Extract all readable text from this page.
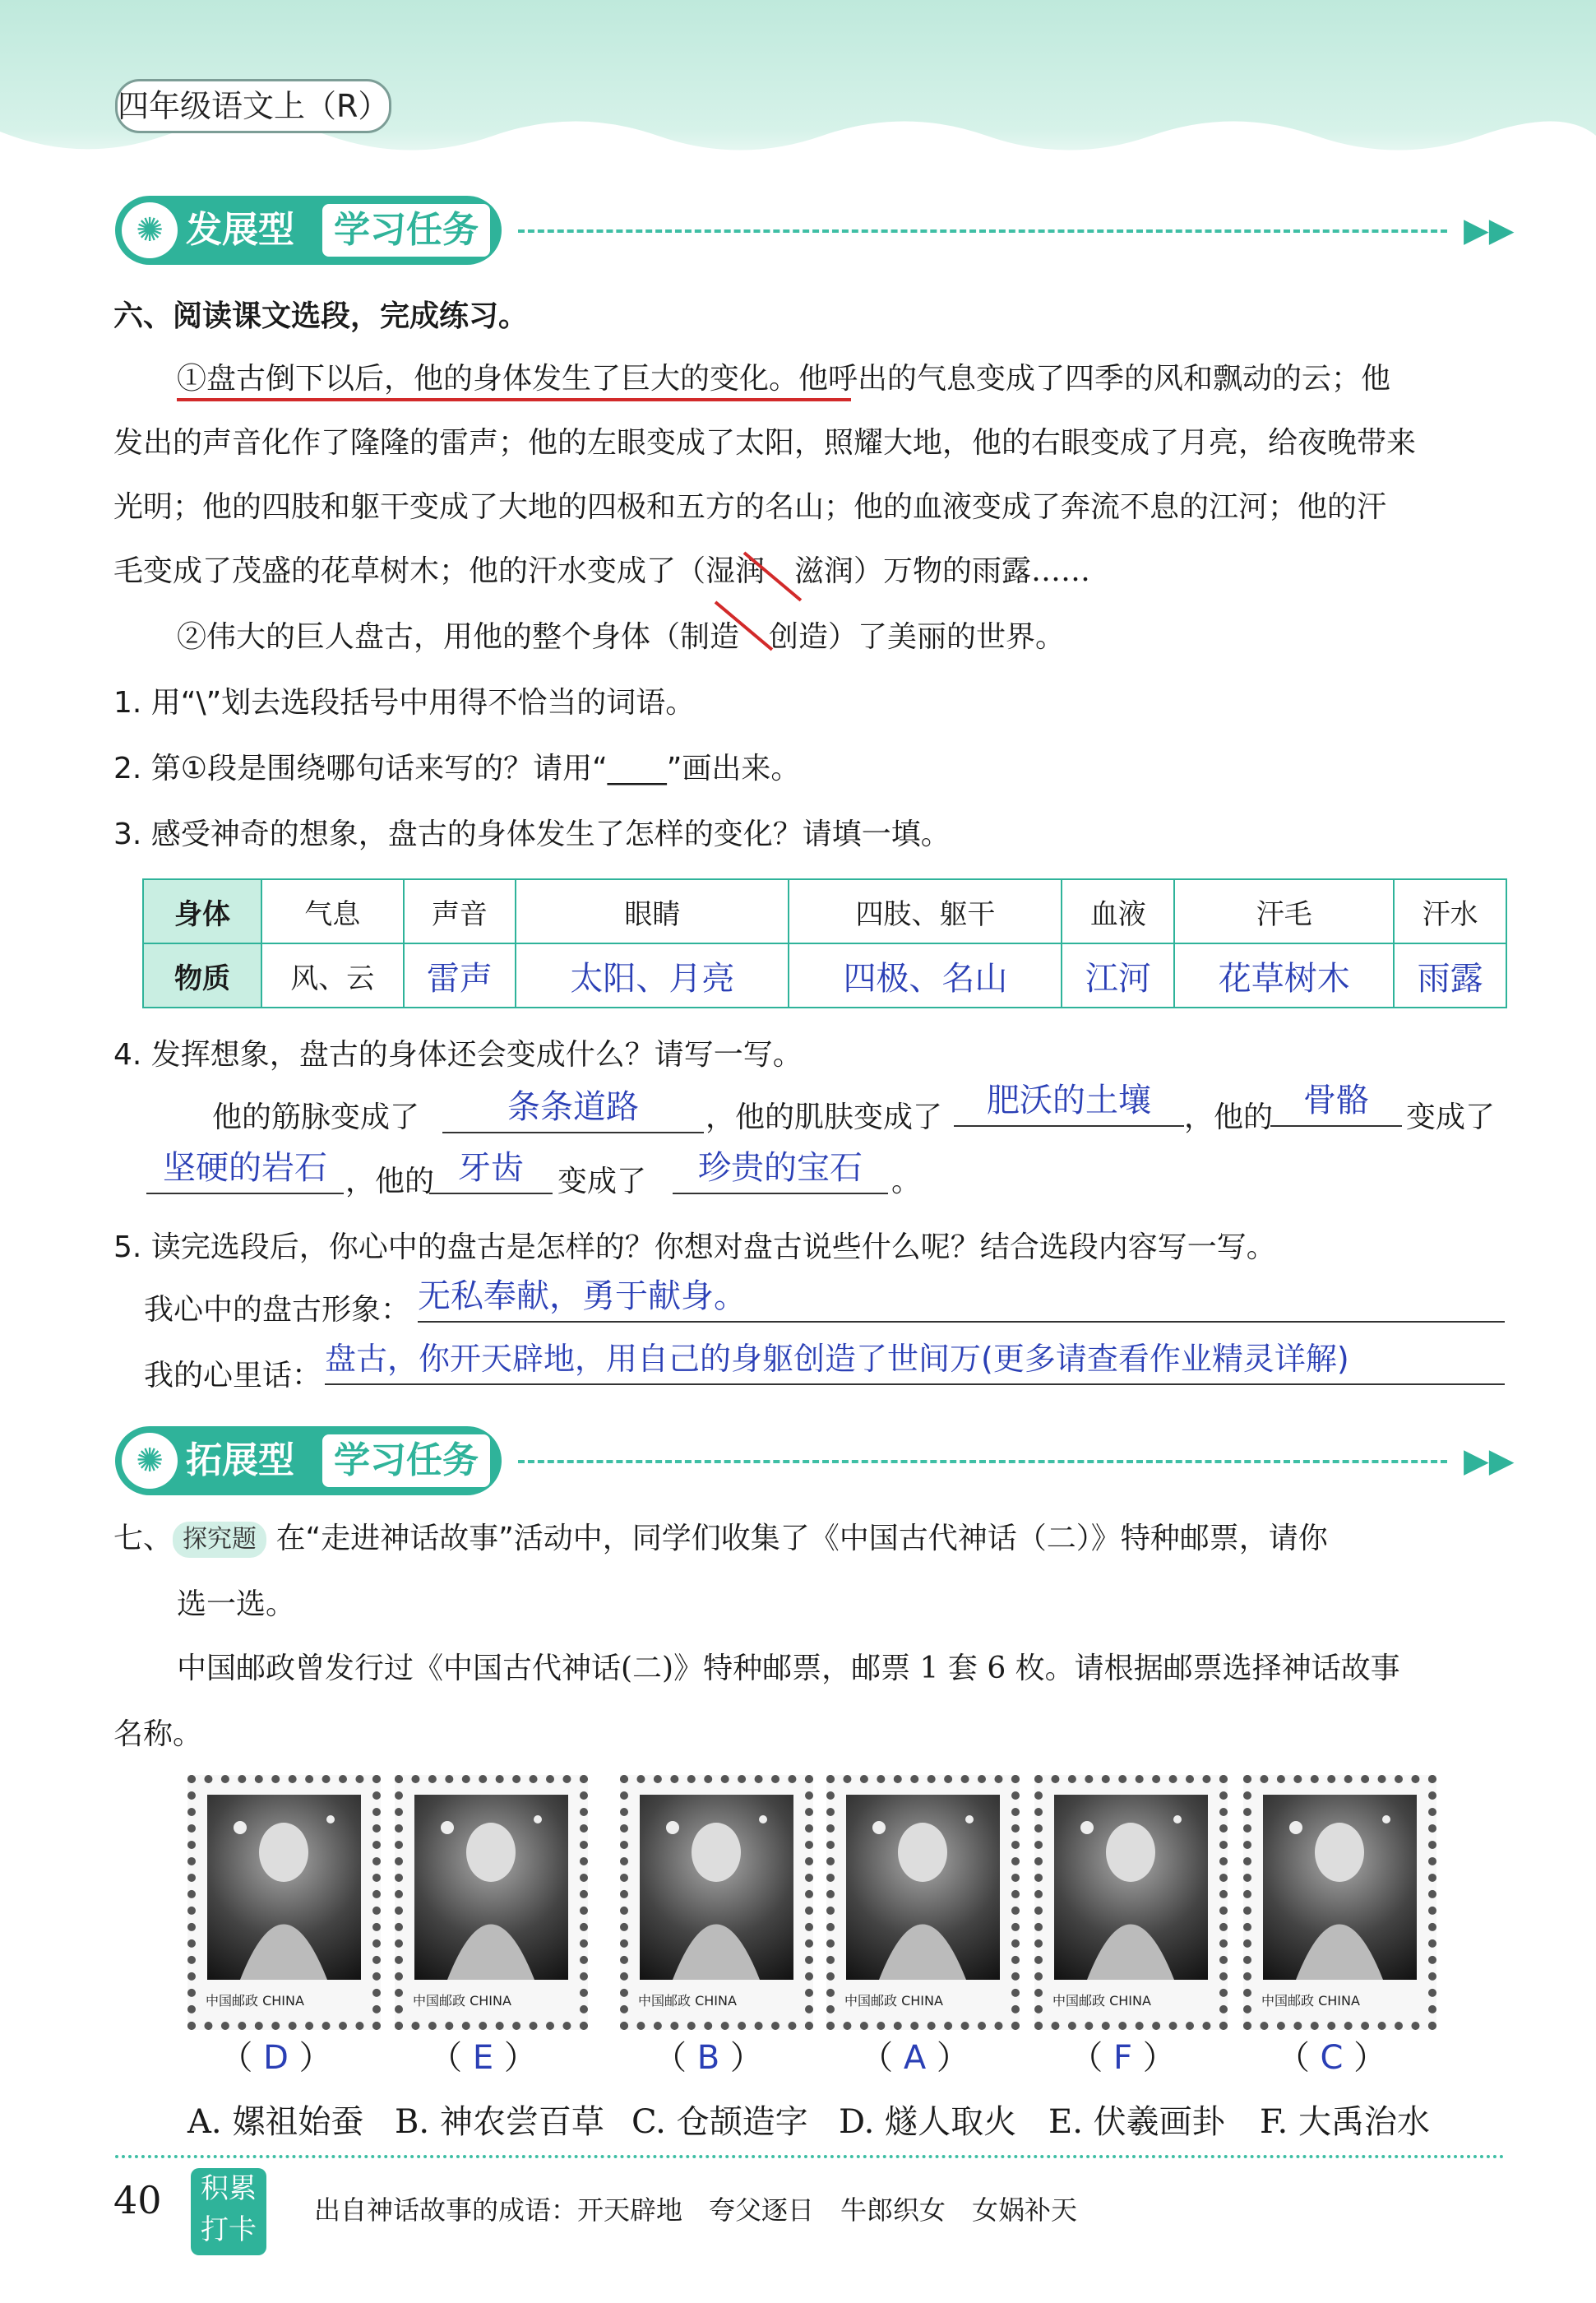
四年级语文上（R）
✺ 发展型	学习任务	▶▶
六、阅读课文选段，完成练习。
①盘古倒下以后，他的身体发生了巨大的变化。他呼出的气息变成了四季的风和飘动的云；他
发出的声音化作了隆隆的雷声；他的左眼变成了太阳，照耀大地，他的右眼变成了月亮，给夜晚带来
光明；他的四肢和躯干变成了大地的四极和五方的名山；他的血液变成了奔流不息的江河；他的汗
毛变成了茂盛的花草树木；他的汗水变成了（湿润　滋润）万物的雨露……
②伟大的巨人盘古，用他的整个身体（制造　创造）了美丽的世界。
1. 用“\”划去选段括号中用得不恰当的词语。
2. 第①段是围绕哪句话来写的？请用“____”画出来。
3. 感受神奇的想象，盘古的身体发生了怎样的变化？请填一填。
身体	气息	声音	眼睛	四肢、躯干	血液	汗毛	汗水
物质	风、云	雷声	太阳、月亮	四极、名山	江河	花草树木	雨露
4. 发挥想象，盘古的身体还会变成什么？请写一写。
他的筋脉变成了	条条道路	，他的肌肤变成了	肥沃的土壤	，他的 骨骼	变成了
坚硬的岩石 ，他的 牙齿	变成了	珍贵的宝石 。
5. 读完选段后，你心中的盘古是怎样的？你想对盘古说些什么呢？结合选段内容写一写。
我心中的盘古形象： 无私奉献，勇于献身。
我的心里话： 盘古，你开天辟地，用自己的身躯创造了世间万(更多请查看作业精灵详解)
✺ 拓展型	学习任务	▶▶
七、 探究题 在“走进神话故事”活动中，同学们收集了《中国古代神话（二）》特种邮票，请你
选一选。
中国邮政曾发行过《中国古代神话(二)》特种邮票，邮票 1 套 6 枚。请根据邮票选择神话故事
名称。
中国邮政 CHINA
（ D ）
中国邮政 CHINA
（ E ）
中国邮政 CHINA
（ B ）
中国邮政 CHINA
（ A ）
中国邮政 CHINA
（ F ）
中国邮政 CHINA
（ C ）
A. 嫘祖始蚕 B. 神农尝百草 C. 仓颉造字 D. 燧人取火 E. 伏羲画卦 F. 大禹治水
40	积累
打卡
出自神话故事的成语：开天辟地　夸父逐日　牛郎织女　女娲补天
